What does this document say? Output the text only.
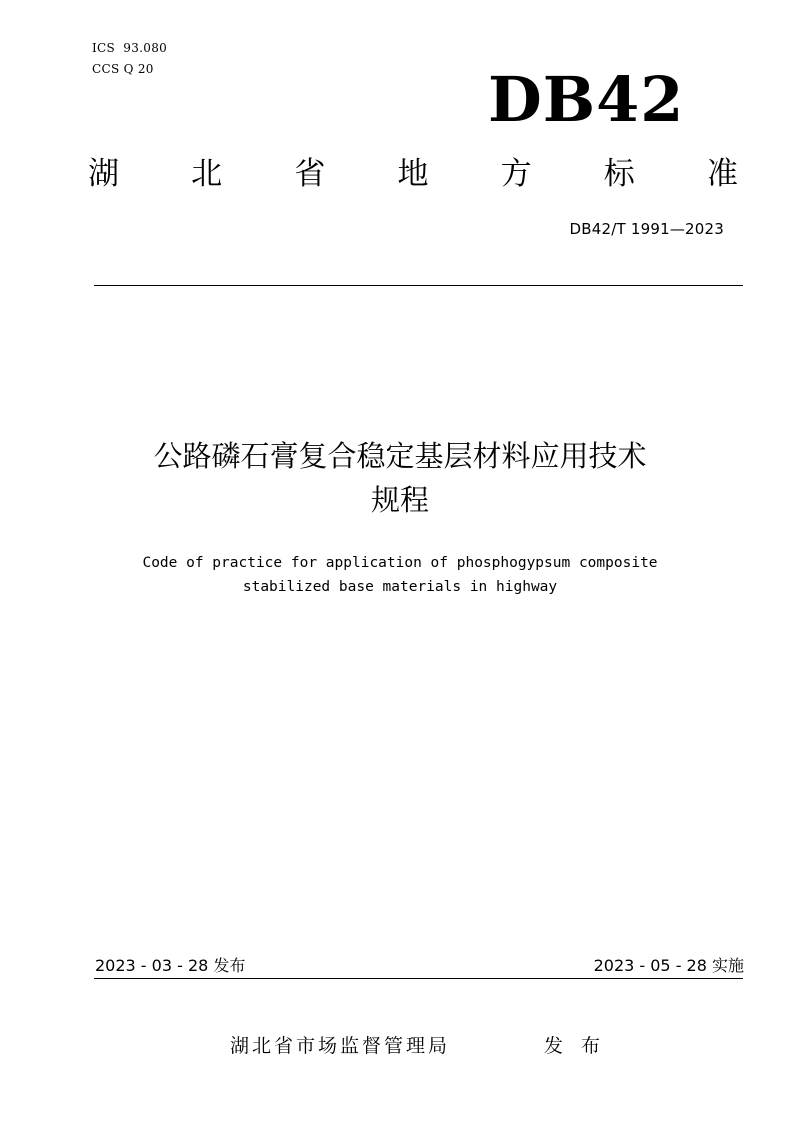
ICS  93.080
CCS Q 20	DB42
湖 北 省 地 方 标 准
DB42/T 1991—2023
公路磷石膏复合稳定基层材料应用技术
规程
Code of practice for application of phosphogypsum composite
stabilized base materials in highway
2023 - 03 - 28 发布	2023 - 05 - 28 实施
湖北省市场监督管理局	发 布
